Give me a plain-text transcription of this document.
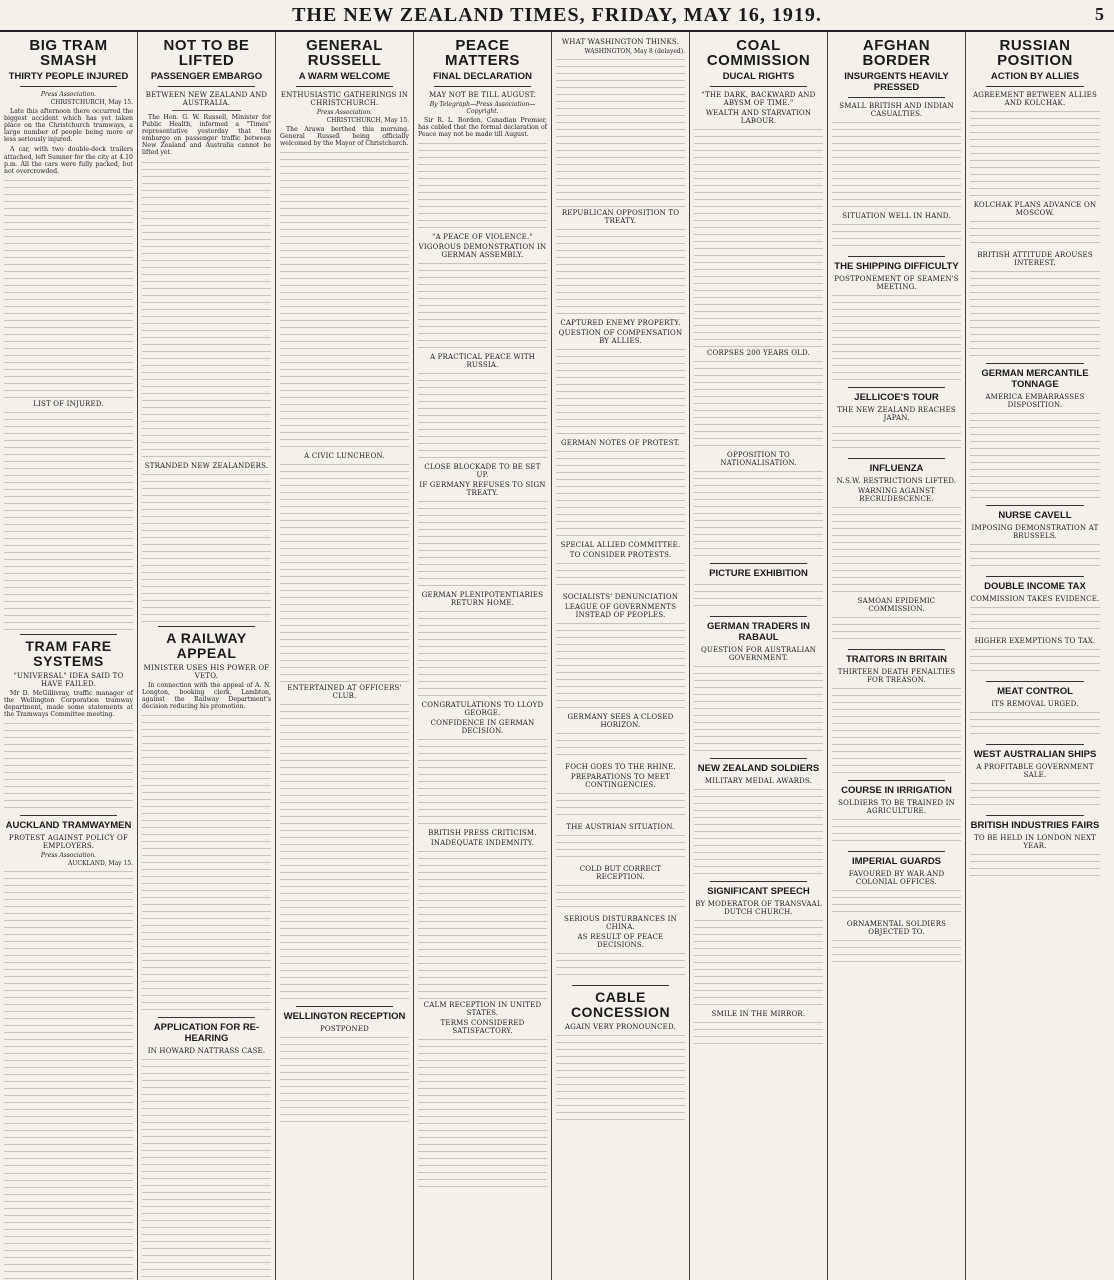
THE NEW ZEALAND TIMES, FRIDAY, MAY 16, 1919.	5
BIG TRAM SMASH
THIRTY PEOPLE INJURED
Press Association.
CHRISTCHURCH, May 15.
Late this afternoon there occurred the biggest accident which has yet taken place on the Christchurch tramways, a large number of people being more or less seriously injured.
A car, with two double-deck trailers attached, left Sumner for the city at 4.10 p.m. All the cars were fully packed, but not overcrowded.
LIST OF INJURED.
TRAM FARE SYSTEMS
"UNIVERSAL" IDEA SAID TO HAVE FAILED.
Mr D. McGillivray, traffic manager of the Wellington Corporation tramway department, made some statements at the Tramways Committee meeting.
AUCKLAND TRAMWAYMEN
PROTEST AGAINST POLICY OF EMPLOYERS.
Press Association.
AUCKLAND, May 15.
NOT TO BE LIFTED
PASSENGER EMBARGO
BETWEEN NEW ZEALAND AND AUSTRALIA.
The Hon. G. W. Russell, Minister for Public Health, informed a "Times" representative yesterday that the embargo on passenger traffic between New Zealand and Australia cannot be lifted yet.
STRANDED NEW ZEALANDERS.
A RAILWAY APPEAL
MINISTER USES HIS POWER OF VETO.
In connection with the appeal of A. N. Longton, booking clerk, Lambton, against the Railway Department's decision reducing his promotion.
APPLICATION FOR RE-HEARING
IN HOWARD NATTRASS CASE.
GENERAL RUSSELL
A WARM WELCOME
ENTHUSIASTIC GATHERINGS IN CHRISTCHURCH.
Press Association.
CHRISTCHURCH, May 15.
The Arawa berthed this morning. General Russell being officially welcomed by the Mayor of Christchurch.
A CIVIC LUNCHEON.
ENTERTAINED AT OFFICERS' CLUB.
WELLINGTON RECEPTION
POSTPONED
PEACE MATTERS
FINAL DECLARATION
MAY NOT BE TILL AUGUST.
By Telegraph—Press Association—Copyright.
Sir R. L. Borden, Canadian Premier, has cabled that the formal declaration of Peace may not be made till August.
"A PEACE OF VIOLENCE."
VIGOROUS DEMONSTRATION IN GERMAN ASSEMBLY.
A PRACTICAL PEACE WITH RUSSIA.
CLOSE BLOCKADE TO BE SET UP.
IF GERMANY REFUSES TO SIGN TREATY.
GERMAN PLENIPOTENTIARIES RETURN HOME.
CONGRATULATIONS TO LLOYD GEORGE.
CONFIDENCE IN GERMAN DECISION.
BRITISH PRESS CRITICISM.
INADEQUATE INDEMNITY.
CALM RECEPTION IN UNITED STATES.
TERMS CONSIDERED SATISFACTORY.
WHAT WASHINGTON THINKS.
WASHINGTON, May 8 (delayed).
REPUBLICAN OPPOSITION TO TREATY.
CAPTURED ENEMY PROPERTY.
QUESTION OF COMPENSATION BY ALLIES.
GERMAN NOTES OF PROTEST.
SPECIAL ALLIED COMMITTEE.
TO CONSIDER PROTESTS.
SOCIALISTS' DENUNCIATION
LEAGUE OF GOVERNMENTS INSTEAD OF PEOPLES.
GERMANY SEES A CLOSED HORIZON.
FOCH GOES TO THE RHINE.
PREPARATIONS TO MEET CONTINGENCIES.
THE AUSTRIAN SITUATION.
COLD BUT CORRECT RECEPTION.
SERIOUS DISTURBANCES IN CHINA.
AS RESULT OF PEACE DECISIONS.
CABLE CONCESSION
AGAIN VERY PRONOUNCED.
COAL COMMISSION
DUCAL RIGHTS
"THE DARK, BACKWARD AND ABYSM OF TIME."
WEALTH AND STARVATION LABOUR.
CORPSES 200 YEARS OLD.
OPPOSITION TO NATIONALISATION.
PICTURE EXHIBITION
GERMAN TRADERS IN RABAUL
QUESTION FOR AUSTRALIAN GOVERNMENT.
NEW ZEALAND SOLDIERS
MILITARY MEDAL AWARDS.
SIGNIFICANT SPEECH
BY MODERATOR OF TRANSVAAL DUTCH CHURCH.
SMILE IN THE MIRROR.
AFGHAN BORDER
INSURGENTS HEAVILY PRESSED
SMALL BRITISH AND INDIAN CASUALTIES.
SITUATION WELL IN HAND.
THE SHIPPING DIFFICULTY
POSTPONEMENT OF SEAMEN'S MEETING.
JELLICOE'S TOUR
THE NEW ZEALAND REACHES JAPAN.
INFLUENZA
N.S.W. RESTRICTIONS LIFTED.
WARNING AGAINST RECRUDESCENCE.
SAMOAN EPIDEMIC COMMISSION.
TRAITORS IN BRITAIN
THIRTEEN DEATH PENALTIES FOR TREASON.
COURSE IN IRRIGATION
SOLDIERS TO BE TRAINED IN AGRICULTURE.
IMPERIAL GUARDS
FAVOURED BY WAR AND COLONIAL OFFICES.
ORNAMENTAL SOLDIERS OBJECTED TO.
RUSSIAN POSITION
ACTION BY ALLIES
AGREEMENT BETWEEN ALLIES AND KOLCHAK.
KOLCHAK PLANS ADVANCE ON MOSCOW.
BRITISH ATTITUDE AROUSES INTEREST.
GERMAN MERCANTILE TONNAGE
AMERICA EMBARRASSES DISPOSITION.
NURSE CAVELL
IMPOSING DEMONSTRATION AT BRUSSELS.
DOUBLE INCOME TAX
COMMISSION TAKES EVIDENCE.
HIGHER EXEMPTIONS TO TAX.
MEAT CONTROL
ITS REMOVAL URGED.
WEST AUSTRALIAN SHIPS
A PROFITABLE GOVERNMENT SALE.
BRITISH INDUSTRIES FAIRS
TO BE HELD IN LONDON NEXT YEAR.
